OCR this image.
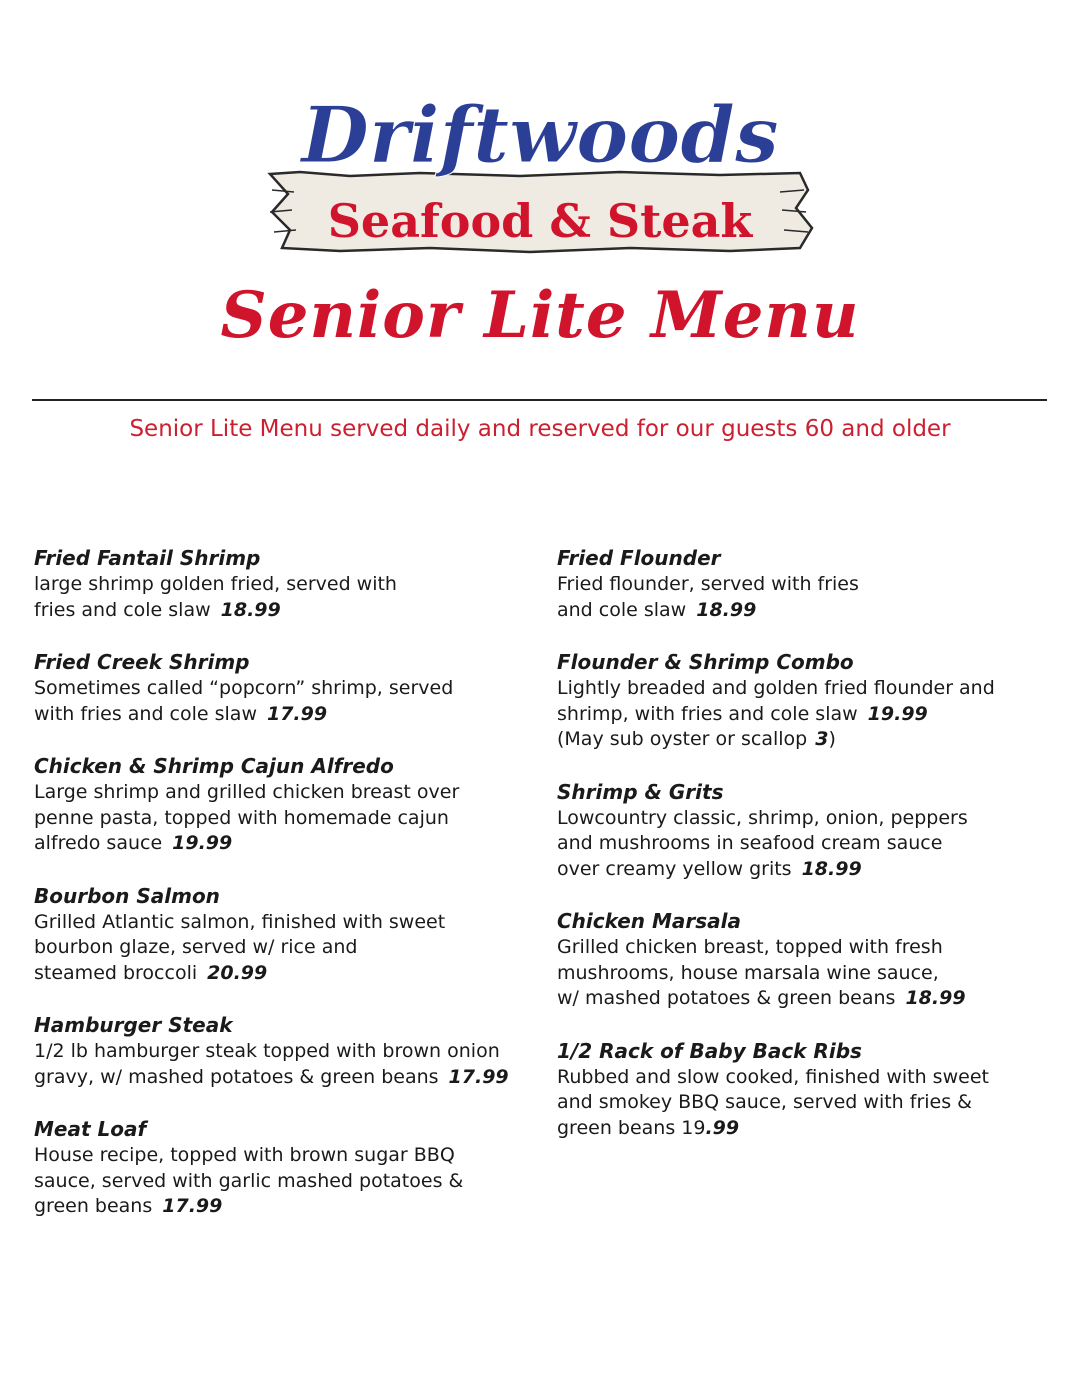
Driftwoods
Seafood & Steak
Senior Lite Menu
Senior Lite Menu served daily and reserved for our guests 60 and older
Fried Fantail Shrimp
large shrimp golden fried, served with
fries and cole slaw 18.99
Fried Creek Shrimp
Sometimes called “popcorn” shrimp, served
with fries and cole slaw 17.99
Chicken & Shrimp Cajun Alfredo
Large shrimp and grilled chicken breast over
penne pasta, topped with homemade cajun
alfredo sauce 19.99
Bourbon Salmon
Grilled Atlantic salmon, finished with sweet
bourbon glaze, served w/ rice and
steamed broccoli 20.99
Hamburger Steak
1/2 lb hamburger steak topped with brown onion
gravy, w/ mashed potatoes & green beans 17.99
Meat Loaf
House recipe, topped with brown sugar BBQ
sauce, served with garlic mashed potatoes &
green beans 17.99
Fried Flounder
Fried flounder, served with fries
and cole slaw 18.99
Flounder & Shrimp Combo
Lightly breaded and golden fried flounder and
shrimp, with fries and cole slaw 19.99
(May sub oyster or scallop 3)
Shrimp & Grits
Lowcountry classic, shrimp, onion, peppers
and mushrooms in seafood cream sauce
over creamy yellow grits 18.99
Chicken Marsala
Grilled chicken breast, topped with fresh
mushrooms, house marsala wine sauce,
w/ mashed potatoes & green beans 18.99
1/2 Rack of Baby Back Ribs
Rubbed and slow cooked, finished with sweet
and smokey BBQ sauce, served with fries &
green beans 19.99
